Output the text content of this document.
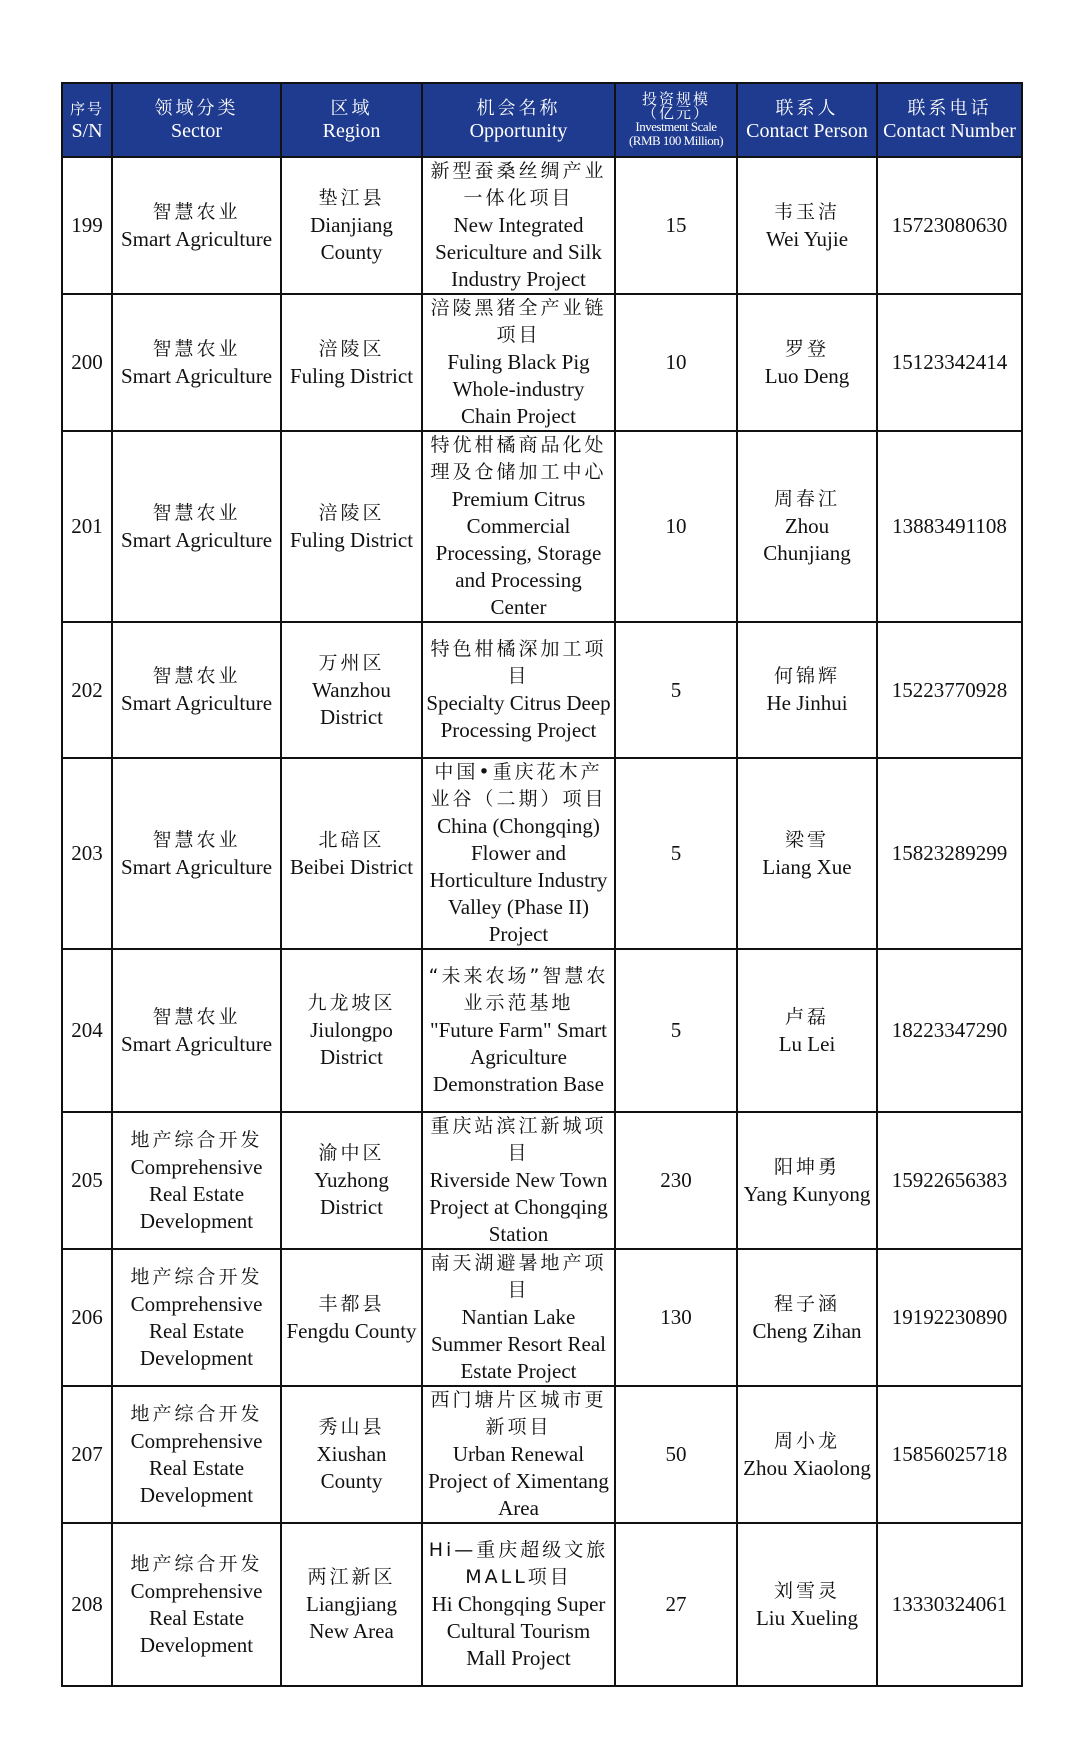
序号
S/N	领域分类
Sector	区域
Region	机会名称
Opportunity	投资规模
（亿元）
Investment Scale
(RMB 100 Million)	联系人
Contact Person	联系电话
Contact Number

199	智慧农业
Smart Agriculture	垫江县
Dianjiang County	新型蚕桑丝绸产业一体化项目
New Integrated Sericulture and Silk Industry Project	15	韦玉洁
Wei Yujie	15723080630

200	智慧农业
Smart Agriculture	涪陵区
Fuling District	涪陵黑猪全产业链项目
Fuling Black Pig Whole-industry Chain Project	10	罗登
Luo Deng	15123342414

201	智慧农业
Smart Agriculture	涪陵区
Fuling District	特优柑橘商品化处理及仓储加工中心
Premium Citrus Commercial Processing, Storage and Processing Center	10	周春江
Zhou Chunjiang	13883491108

202	智慧农业
Smart Agriculture	万州区
Wanzhou District	特色柑橘深加工项目
Specialty Citrus Deep Processing Project	5	何锦辉
He Jinhui	15223770928

203	智慧农业
Smart Agriculture	北碚区
Beibei District	中国•重庆花木产业谷（二期）项目
China (Chongqing) Flower and Horticulture Industry Valley (Phase II) Project	5	梁雪
Liang Xue	15823289299

204	智慧农业
Smart Agriculture	九龙坡区
Jiulongpo District	“未来农场”智慧农业示范基地
"Future Farm" Smart Agriculture Demonstration Base	5	卢磊
Lu Lei	18223347290

205	地产综合开发
Comprehensive Real Estate Development	渝中区
Yuzhong District	重庆站滨江新城项目
Riverside New Town Project at Chongqing Station	230	阳坤勇
Yang Kunyong	15922656383

206	地产综合开发
Comprehensive Real Estate Development	丰都县
Fengdu County	南天湖避暑地产项目
Nantian Lake Summer Resort Real Estate Project	130	程子涵
Cheng Zihan	19192230890

207	地产综合开发
Comprehensive Real Estate Development	秀山县
Xiushan County	西门塘片区城市更新项目
Urban Renewal Project of Ximentang Area	50	周小龙
Zhou Xiaolong	15856025718

208	地产综合开发
Comprehensive Real Estate Development	两江新区
Liangjiang New Area	Hi—重庆超级文旅MALL项目
Hi Chongqing Super Cultural Tourism Mall Project	27	刘雪灵
Liu Xueling	13330324061
